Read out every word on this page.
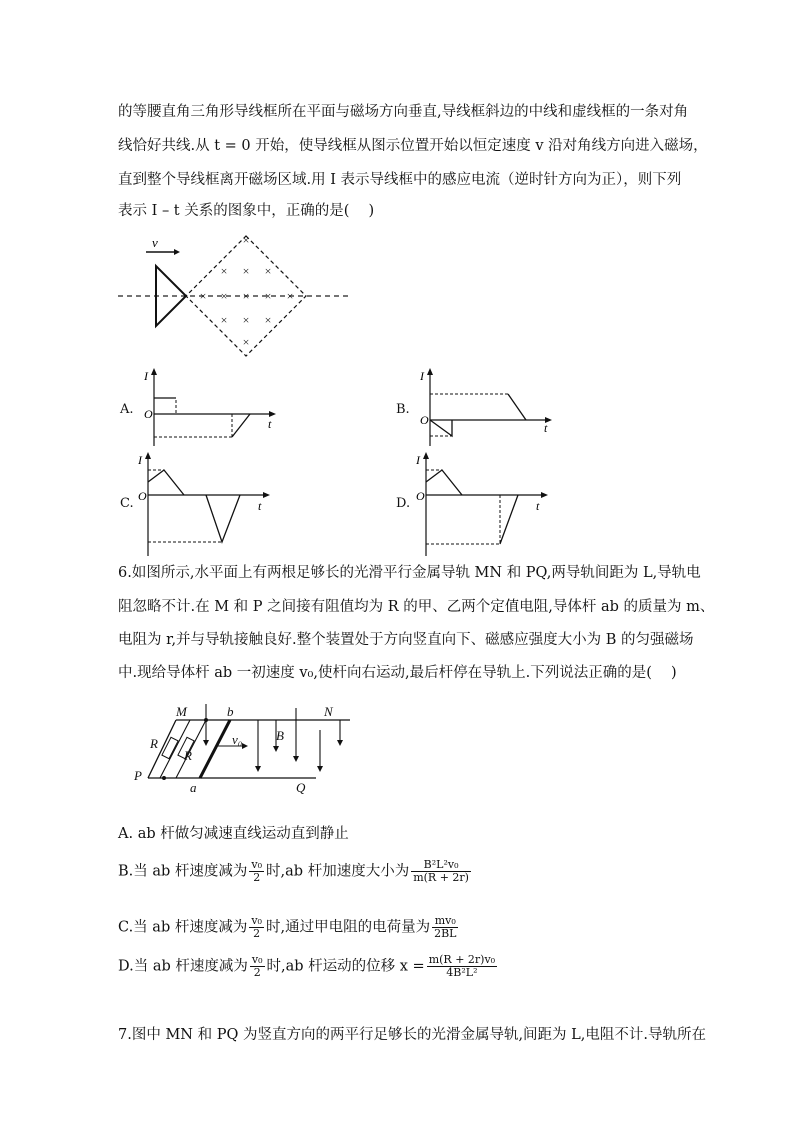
的等腰直角三角形导线框所在平面与磁场方向垂直,导线框斜边的中线和虚线框的一条对角
线恰好共线.从 t = 0 开始，使导线框从图示位置开始以恒定速度 v 沿对角线方向进入磁场，
直到整个导线框离开磁场区域.用 I 表示导线框中的感应电流（逆时针方向为正），则下列
表示 I – t 关系的图象中，正确的是(　 )
v	×
× × ×
× × × × ×
× × ×
×
A.
I
O
t
B.
I
O
t
C.
I
O
t	D.
I
O
t
6.如图所示,水平面上有两根足够长的光滑平行金属导轨 MN 和 PQ,两导轨间距为 L,导轨电
阻忽略不计.在 M 和 P 之间接有阻值均为 R 的甲、乙两个定值电阻,导体杆 ab 的质量为 m、
电阻为 r,并与导轨接触良好.整个装置处于方向竖直向下、磁感应强度大小为 B 的匀强磁场
中.现给导体杆 ab 一初速度 v₀,使杆向右运动,最后杆停在导轨上.下列说法正确的是(　 )
M	b	N
v₀	B
R
R
P
a	Q
A. ab 杆做匀减速直线运动直到静止
B.当 ab 杆速度减为 $\frac{\text{v₀}}{2}$ 时,ab 杆加速度大小为 $\frac{\text{B²L²v₀}}{m(R + 2r)}$
C.当 ab 杆速度减为 $\frac{\text{v₀}}{2}$ 时,通过甲电阻的电荷量为 $\frac{\text{mv₀}}{2BL}$
D.当 ab 杆速度减为 $\frac{\text{v₀}}{2}$ 时,ab 杆运动的位移 $x = \frac{\text{m(R + 2r)v₀}}{\text{4B²L²}}$
7.图中 MN 和 PQ 为竖直方向的两平行足够长的光滑金属导轨,间距为 L,电阻不计.导轨所在
